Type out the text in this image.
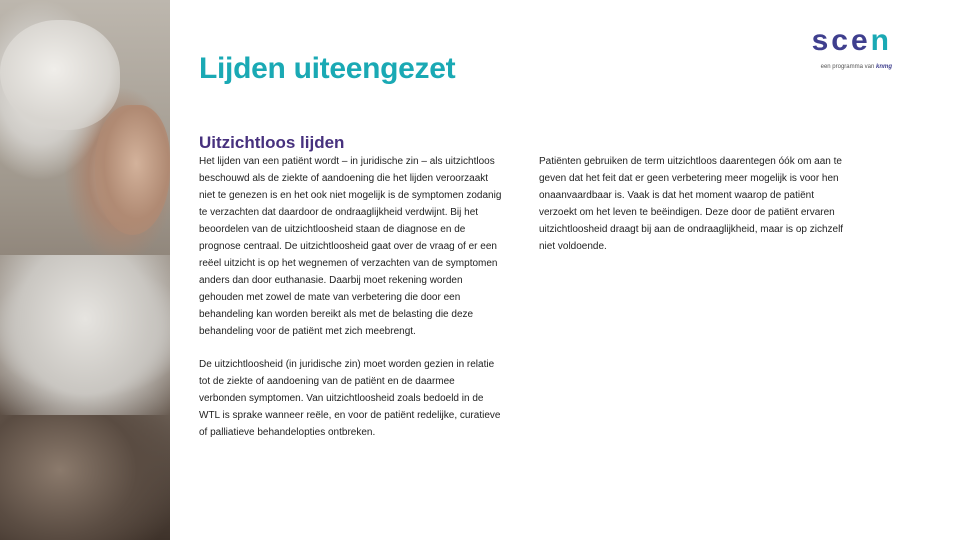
Lijden uiteengezet
scen
een programma van knmg
Uitzichtloos lijden

Het lijden van een patiënt wordt – in juridische zin – als uitzichtloos beschouwd als de ziekte of aandoening die het lijden veroorzaakt niet te genezen is en het ook niet mogelijk is de symptomen zodanig te verzachten dat daardoor de ondraaglijkheid verdwijnt. Bij het beoordelen van de uitzichtloosheid staan de diagnose en de prognose centraal. De uitzichtloosheid gaat over de vraag of er een reëel uitzicht is op het wegnemen of verzachten van de symptomen anders dan door euthanasie. Daarbij moet rekening worden gehouden met zowel de mate van verbetering die door een behandeling kan worden bereikt als met de belasting die deze behandeling voor de patiënt met zich meebrengt.

De uitzichtloosheid (in juridische zin) moet worden gezien in relatie tot de ziekte of aandoening van de patiënt en de daarmee verbonden symptomen. Van uitzichtloosheid zoals bedoeld in de WTL is sprake wanneer reële, en voor de patiënt redelijke, curatieve of palliatieve behandelopties ontbreken.

Patiënten gebruiken de term uitzichtloos daarentegen óók om aan te geven dat het feit dat er geen verbetering meer mogelijk is voor hen onaanvaardbaar is. Vaak is dat het moment waarop de patiënt verzoekt om het leven te beëindigen. Deze door de patiënt ervaren uitzichtloosheid draagt bij aan de ondraaglijkheid, maar is op zichzelf niet voldoende.
